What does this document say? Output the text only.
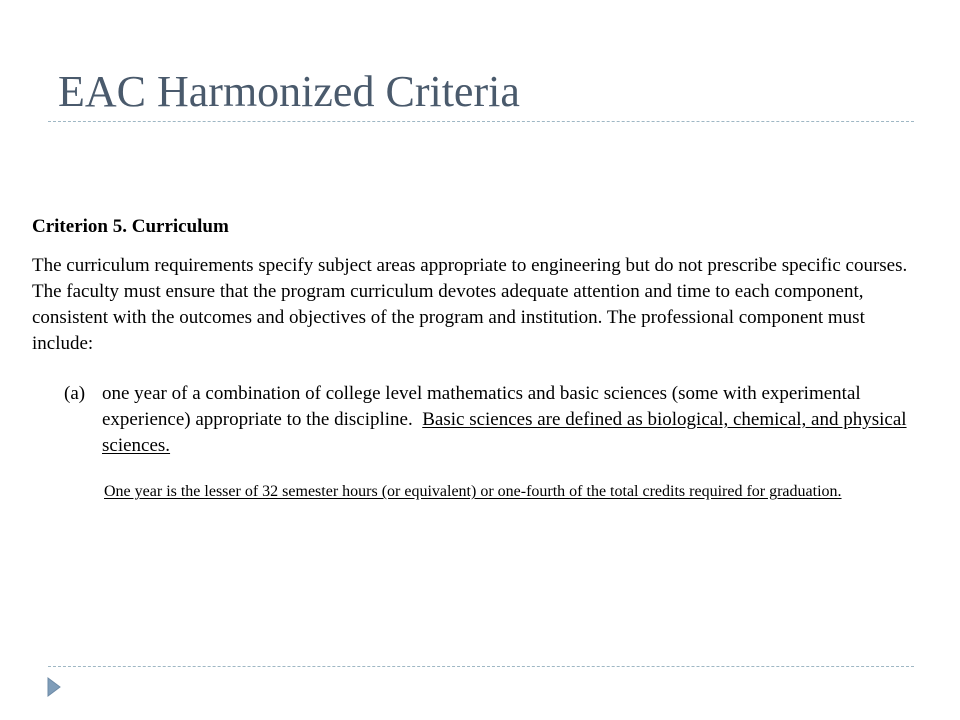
EAC Harmonized Criteria

Criterion 5. Curriculum

The curriculum requirements specify subject areas appropriate to engineering but do not prescribe specific courses. The faculty must ensure that the program curriculum devotes adequate attention and time to each component, consistent with the outcomes and objectives of the program and institution. The professional component must include:

(a) one year of a combination of college level mathematics and basic sciences (some with experimental experience) appropriate to the discipline. Basic sciences are defined as biological, chemical, and physical sciences.

One year is the lesser of 32 semester hours (or equivalent) or one-fourth of the total credits required for graduation.
